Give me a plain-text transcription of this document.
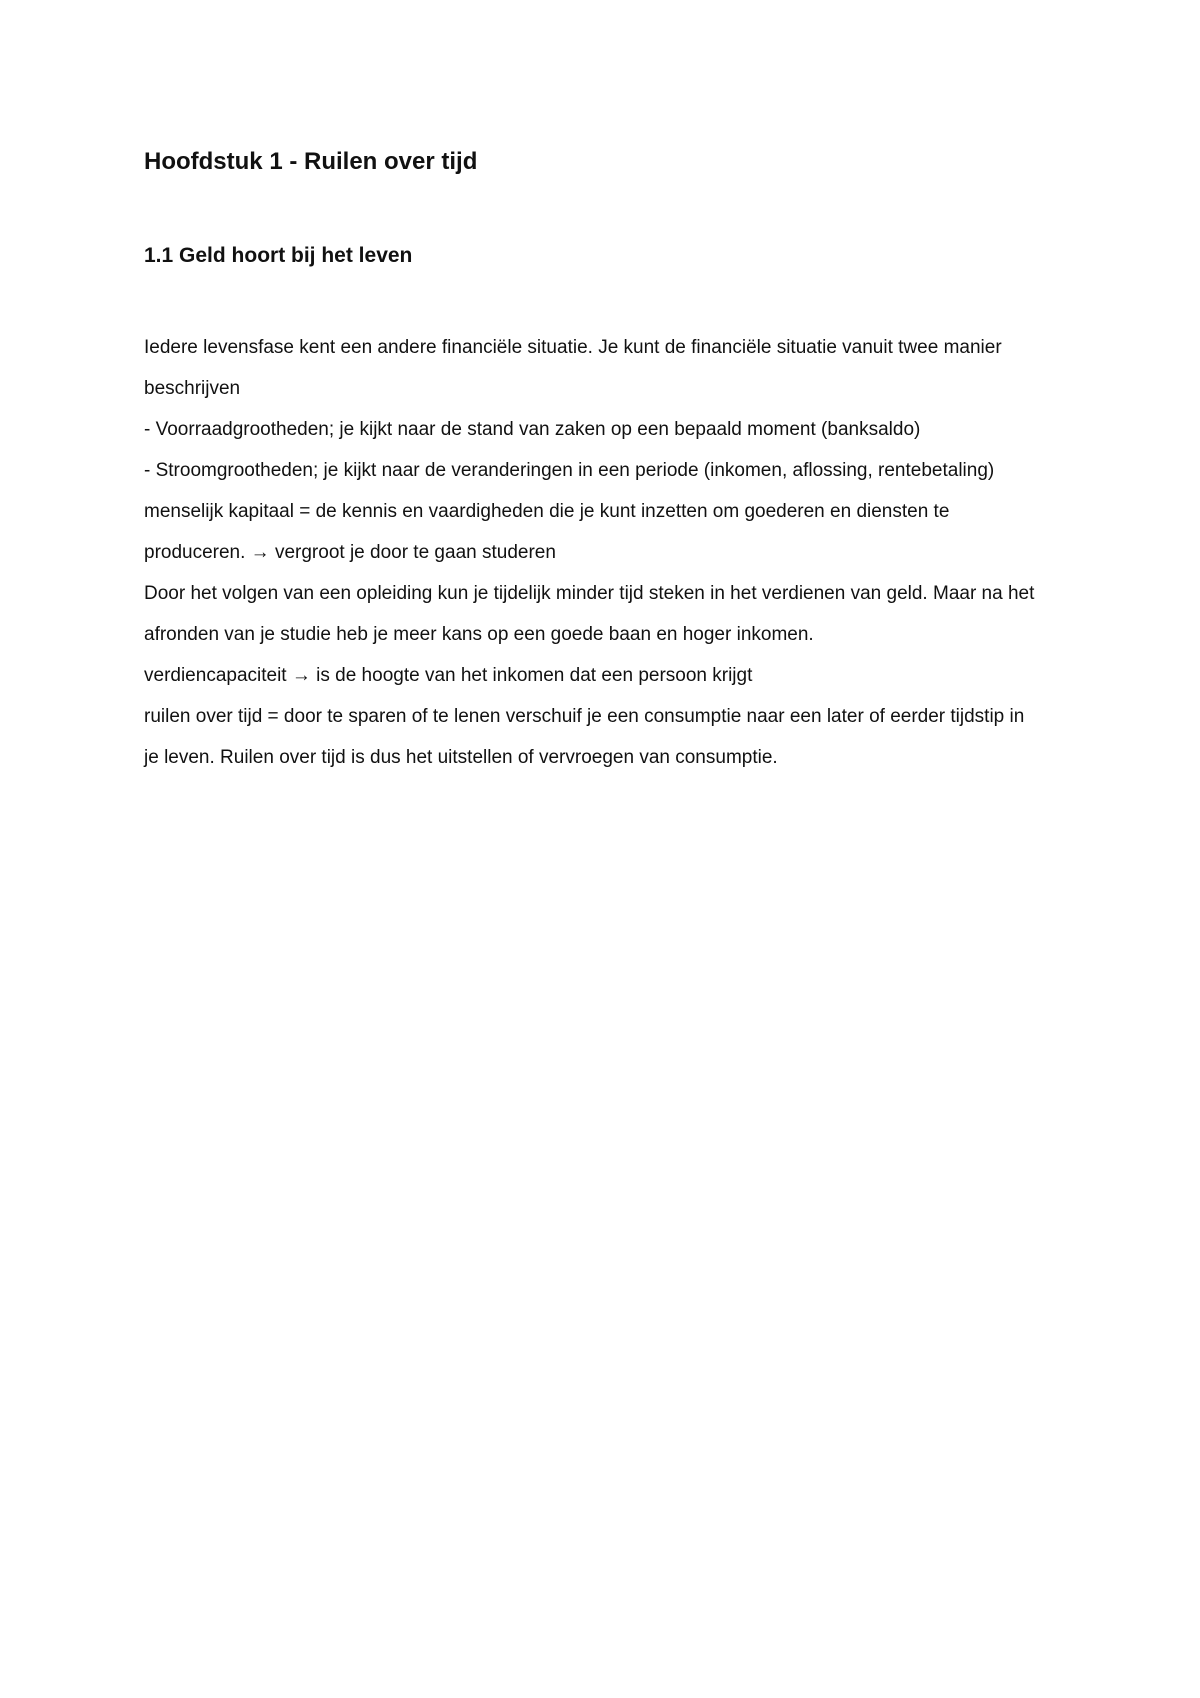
Hoofdstuk 1 - Ruilen over tijd
1.1 Geld hoort bij het leven

Iedere levensfase kent een andere financiële situatie. Je kunt de financiële situatie vanuit twee manier beschrijven

- Voorraadgrootheden; je kijkt naar de stand van zaken op een bepaald moment (banksaldo)

- Stroomgrootheden; je kijkt naar de veranderingen in een periode (inkomen, aflossing, rentebetaling)

menselijk kapitaal = de kennis en vaardigheden die je kunt inzetten om goederen en diensten te produceren. → vergroot je door te gaan studeren

Door het volgen van een opleiding kun je tijdelijk minder tijd steken in het verdienen van geld. Maar na het afronden van je studie heb je meer kans op een goede baan en hoger inkomen.

verdiencapaciteit → is de hoogte van het inkomen dat een persoon krijgt

ruilen over tijd = door te sparen of te lenen verschuif je een consumptie naar een later of eerder tijdstip in je leven. Ruilen over tijd is dus het uitstellen of vervroegen van consumptie.
